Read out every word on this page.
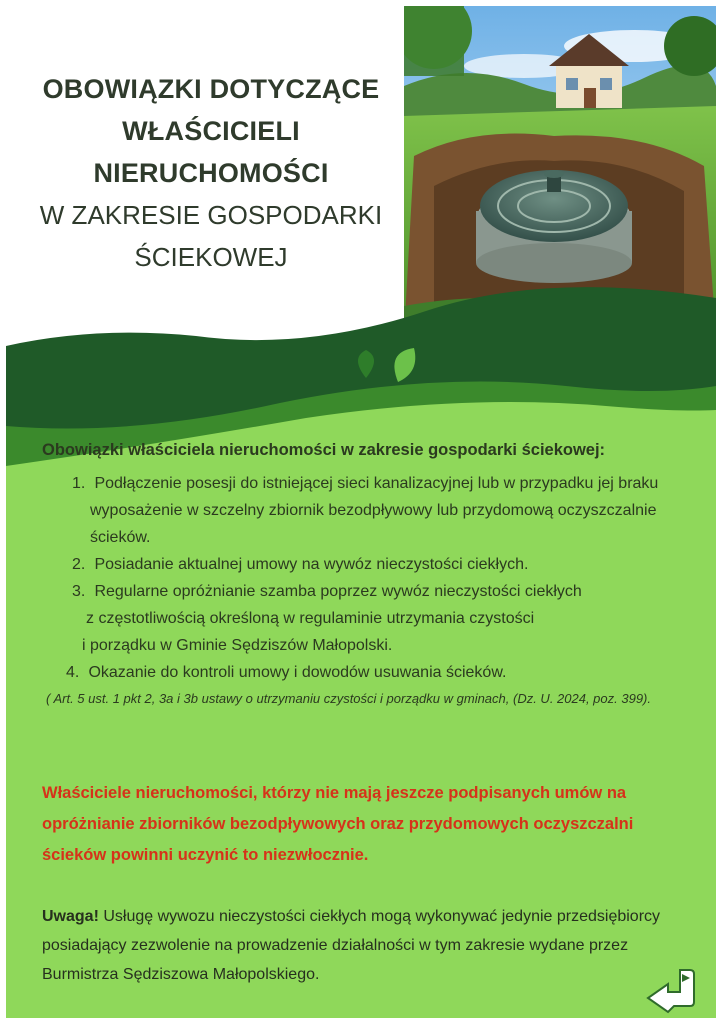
OBOWIĄZKI DOTYCZĄCE
WŁAŚCICIELI
NIERUCHOMOŚCI
W ZAKRESIE GOSPODARKI
ŚCIEKOWEJ

Obowiązki właściciela nieruchomości w zakresie gospodarki ściekowej:

1. Podłączenie posesji do istniejącej sieci kanalizacyjnej lub w przypadku jej braku
wyposażenie w szczelny zbiornik bezodpływowy lub przydomową oczyszczalnie
ścieków.
2. Posiadanie aktualnej umowy na wywóz nieczystości ciekłych.
3. Regularne opróżnianie szamba poprzez wywóz nieczystości ciekłych
z częstotliwością określoną w regulaminie utrzymania czystości
i porządku w Gminie Sędziszów Małopolski.
4. Okazanie do kontroli umowy i dowodów usuwania ścieków.

( Art. 5 ust. 1 pkt 2, 3a i 3b ustawy o utrzymaniu czystości i porządku w gminach, (Dz. U. 2024, poz. 399).

Właściciele nieruchomości, którzy nie mają jeszcze podpisanych umów na
opróżnianie zbiorników bezodpływowych oraz przydomowych oczyszczalni
ścieków powinni uczynić to niezwłocznie.
Uwaga! Usługę wywozu nieczystości ciekłych mogą wykonywać jedynie przedsiębiorcy
posiadający zezwolenie na prowadzenie działalności w tym zakresie wydane przez
Burmistrza Sędziszowa Małopolskiego.
